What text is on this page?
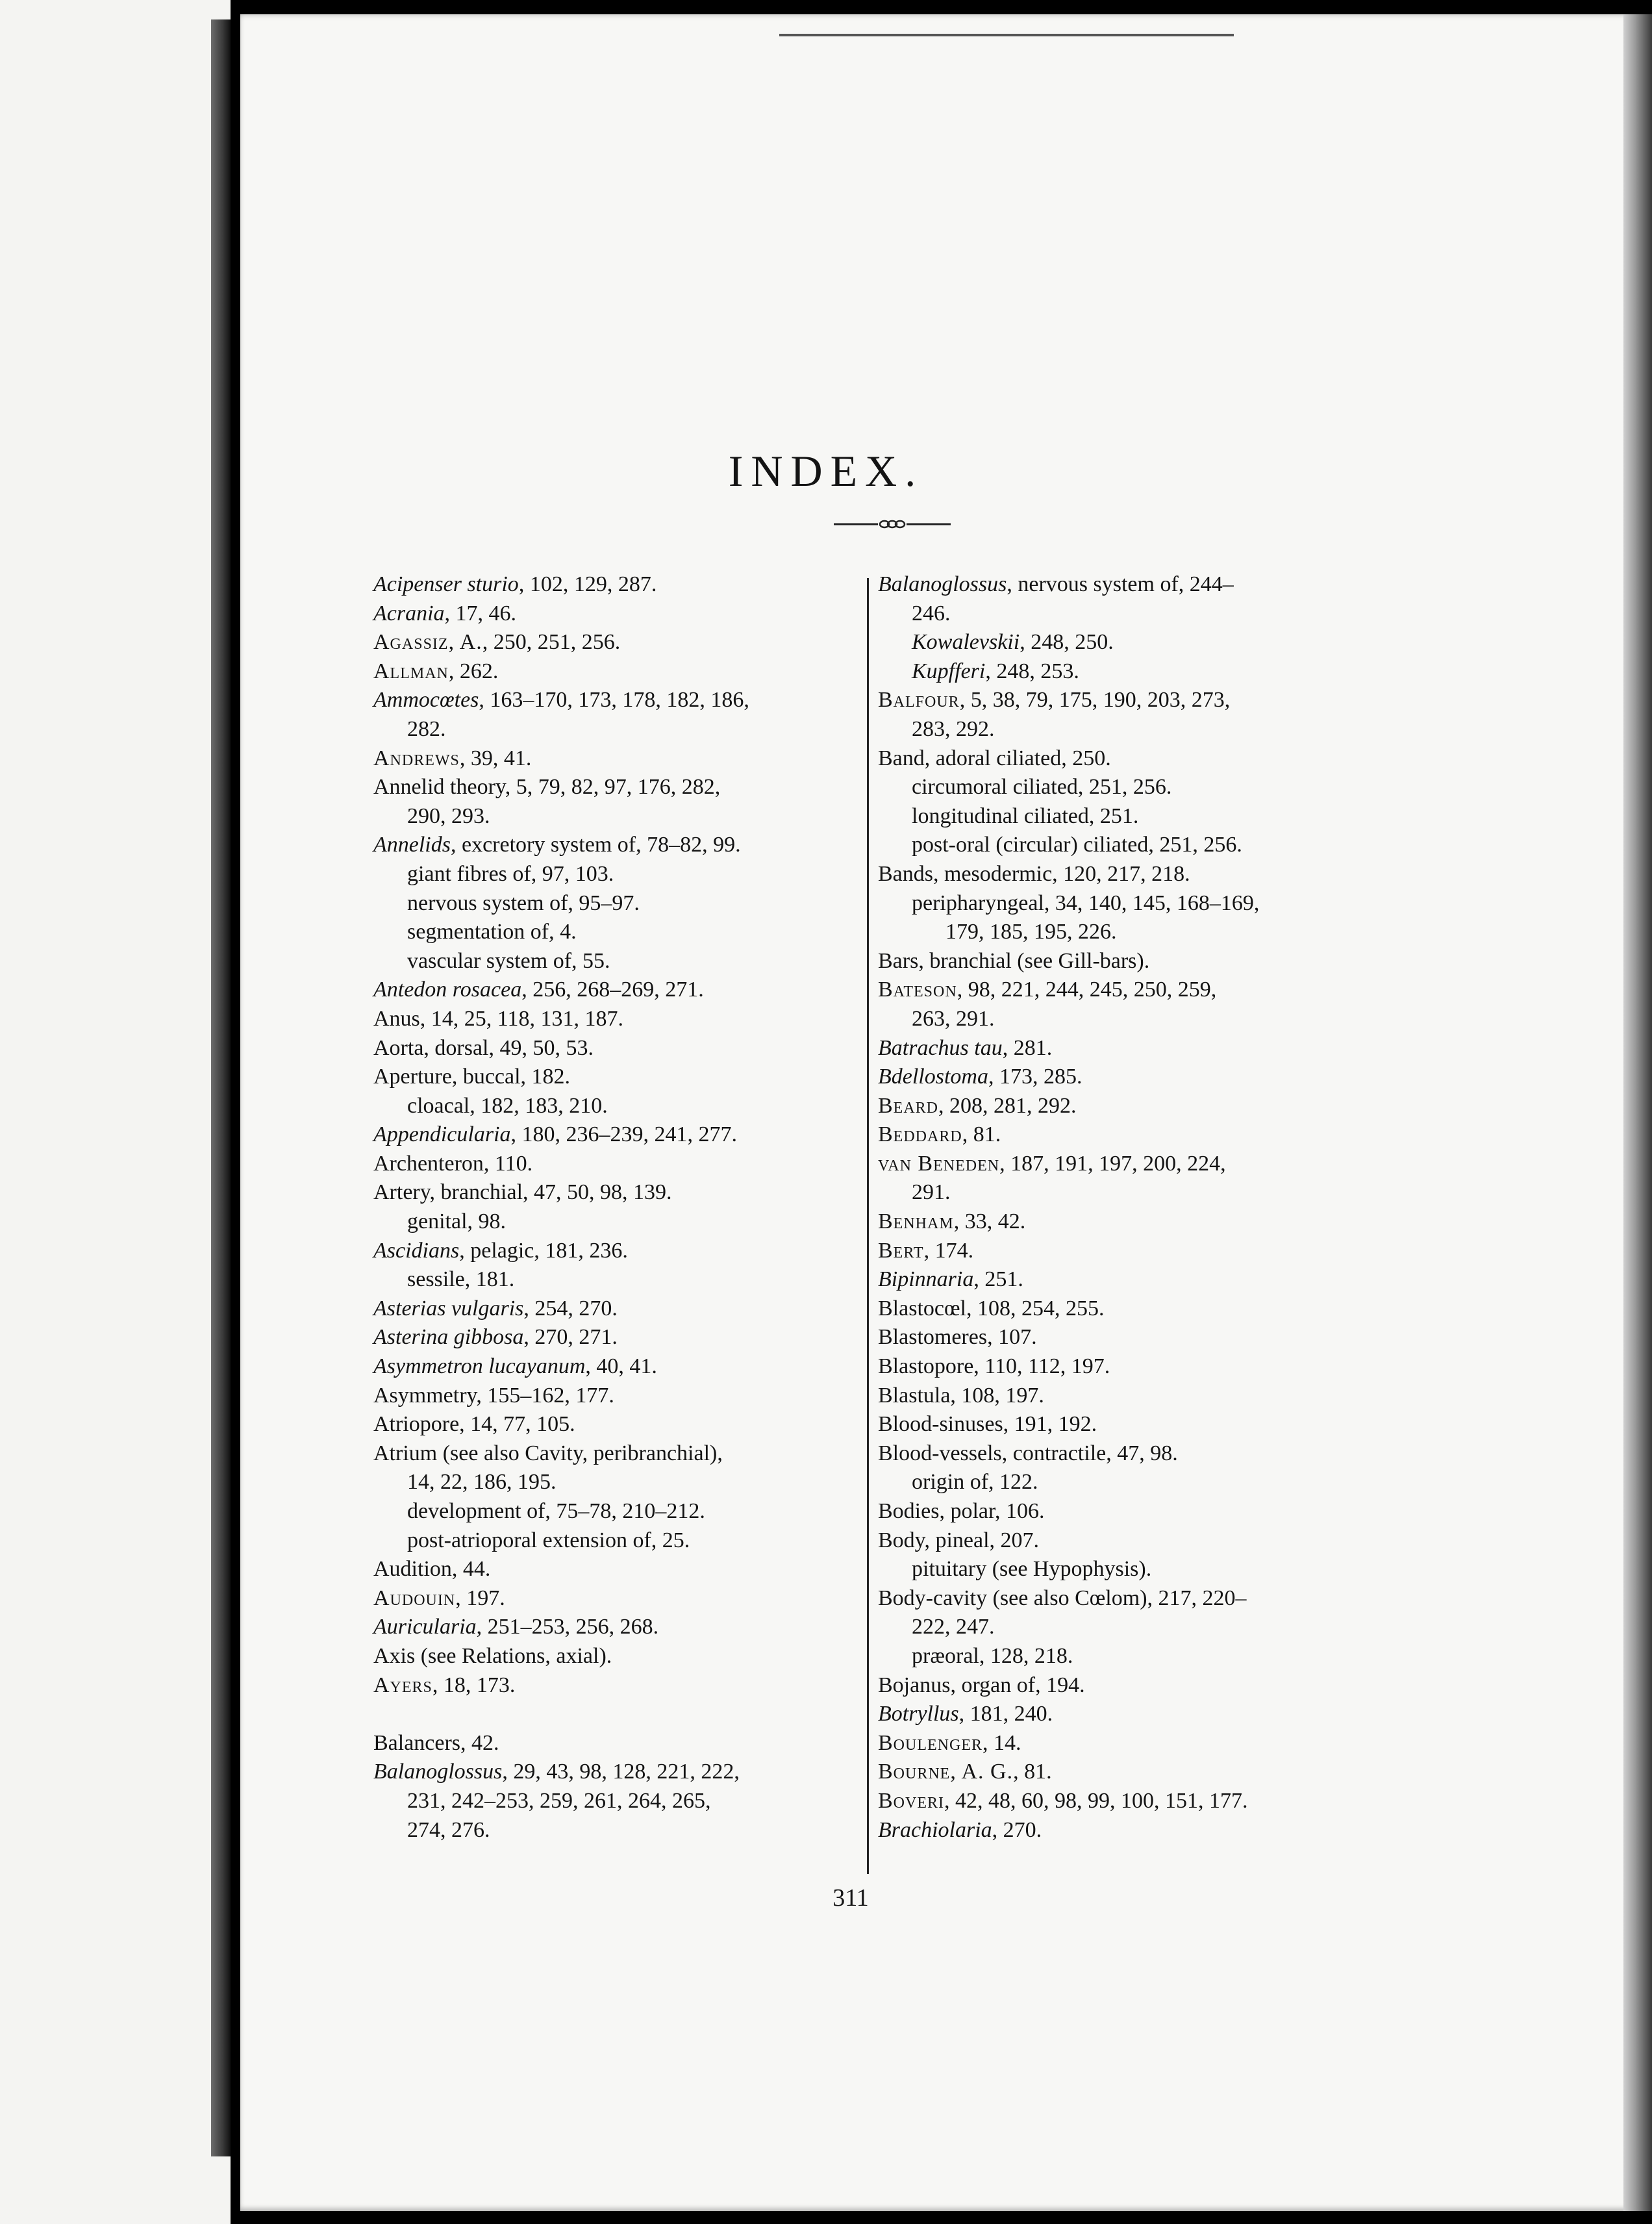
INDEX.
Acipenser sturio, 102, 129, 287.
Acrania, 17, 46.
Agassiz, A., 250, 251, 256.
Allman, 262.
Ammocœtes, 163–170, 173, 178, 182, 186,
282.
Andrews, 39, 41.
Annelid theory, 5, 79, 82, 97, 176, 282,
290, 293.
Annelids, excretory system of, 78–82, 99.
giant fibres of, 97, 103.
nervous system of, 95–97.
segmentation of, 4.
vascular system of, 55.
Antedon rosacea, 256, 268–269, 271.
Anus, 14, 25, 118, 131, 187.
Aorta, dorsal, 49, 50, 53.
Aperture, buccal, 182.
cloacal, 182, 183, 210.
Appendicularia, 180, 236–239, 241, 277.
Archenteron, 110.
Artery, branchial, 47, 50, 98, 139.
genital, 98.
Ascidians, pelagic, 181, 236.
sessile, 181.
Asterias vulgaris, 254, 270.
Asterina gibbosa, 270, 271.
Asymmetron lucayanum, 40, 41.
Asymmetry, 155–162, 177.
Atriopore, 14, 77, 105.
Atrium (see also Cavity, peribranchial),
14, 22, 186, 195.
development of, 75–78, 210–212.
post-atrioporal extension of, 25.
Audition, 44.
Audouin, 197.
Auricularia, 251–253, 256, 268.
Axis (see Relations, axial).
Ayers, 18, 173.
Balancers, 42.
Balanoglossus, 29, 43, 98, 128, 221, 222,
231, 242–253, 259, 261, 264, 265,
274, 276.
Balanoglossus, nervous system of, 244–
246.
Kowalevskii, 248, 250.
Kupfferi, 248, 253.
Balfour, 5, 38, 79, 175, 190, 203, 273,
283, 292.
Band, adoral ciliated, 250.
circumoral ciliated, 251, 256.
longitudinal ciliated, 251.
post-oral (circular) ciliated, 251, 256.
Bands, mesodermic, 120, 217, 218.
peripharyngeal, 34, 140, 145, 168–169,
179, 185, 195, 226.
Bars, branchial (see Gill-bars).
Bateson, 98, 221, 244, 245, 250, 259,
263, 291.
Batrachus tau, 281.
Bdellostoma, 173, 285.
Beard, 208, 281, 292.
Beddard, 81.
van Beneden, 187, 191, 197, 200, 224,
291.
Benham, 33, 42.
Bert, 174.
Bipinnaria, 251.
Blastocœl, 108, 254, 255.
Blastomeres, 107.
Blastopore, 110, 112, 197.
Blastula, 108, 197.
Blood-sinuses, 191, 192.
Blood-vessels, contractile, 47, 98.
origin of, 122.
Bodies, polar, 106.
Body, pineal, 207.
pituitary (see Hypophysis).
Body-cavity (see also Cœlom), 217, 220–
222, 247.
præoral, 128, 218.
Bojanus, organ of, 194.
Botryllus, 181, 240.
Boulenger, 14.
Bourne, A. G., 81.
Boveri, 42, 48, 60, 98, 99, 100, 151, 177.
Brachiolaria, 270.
311
